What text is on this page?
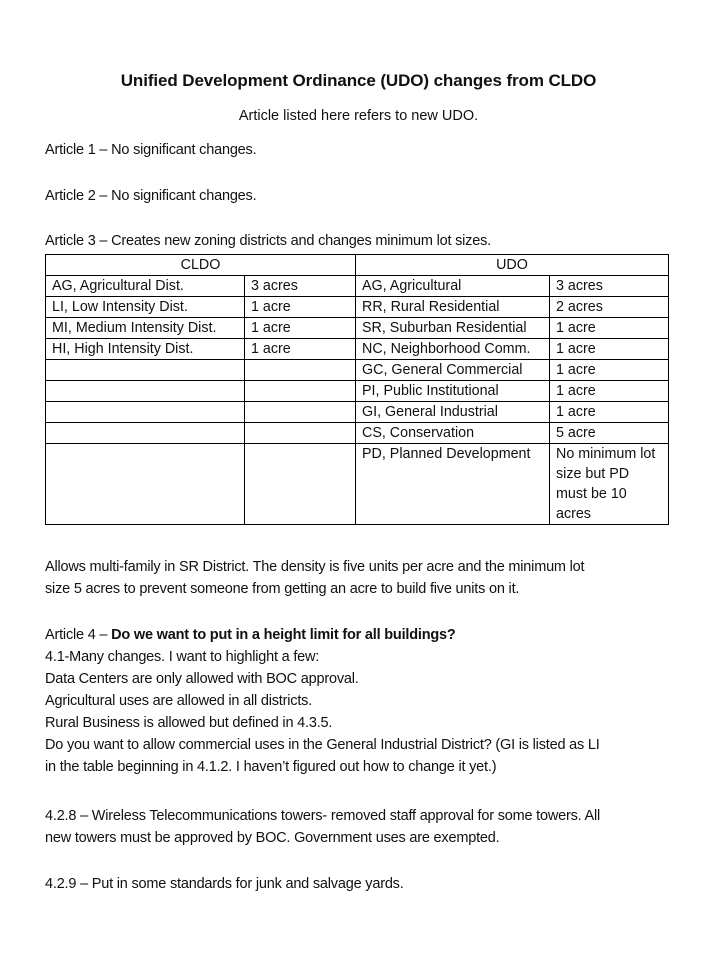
Unified Development Ordinance (UDO) changes from CLDO
Article listed here refers to new UDO.
Article 1 – No significant changes.
Article 2 – No significant changes.
Article 3 – Creates new zoning districts and changes minimum lot sizes.
CLDO		UDO	
AG, Agricultural Dist.	3 acres	AG, Agricultural	3 acres
LI, Low Intensity Dist.	1 acre	RR, Rural Residential	2 acres
MI, Medium Intensity Dist.	1 acre	SR, Suburban Residential	1 acre
HI, High Intensity Dist.	1 acre	NC, Neighborhood Comm.	1 acre
		GC, General Commercial	1 acre
		PI, Public Institutional	1 acre
		GI, General Industrial	1 acre
		CS, Conservation	5 acre
		PD, Planned Development	No minimum lot size but PD must be 10 acres
Allows multi-family in SR District. The density is five units per acre and the minimum lot
size 5 acres to prevent someone from getting an acre to build five units on it.
Article 4 – Do we want to put in a height limit for all buildings?
4.1-Many changes. I want to highlight a few:
Data Centers are only allowed with BOC approval.
Agricultural uses are allowed in all districts.
Rural Business is allowed but defined in 4.3.5.
Do you want to allow commercial uses in the General Industrial District? (GI is listed as LI
in the table beginning in 4.1.2. I haven’t figured out how to change it yet.)
4.2.8 – Wireless Telecommunications towers- removed staff approval for some towers. All
new towers must be approved by BOC. Government uses are exempted.
4.2.9 – Put in some standards for junk and salvage yards.
